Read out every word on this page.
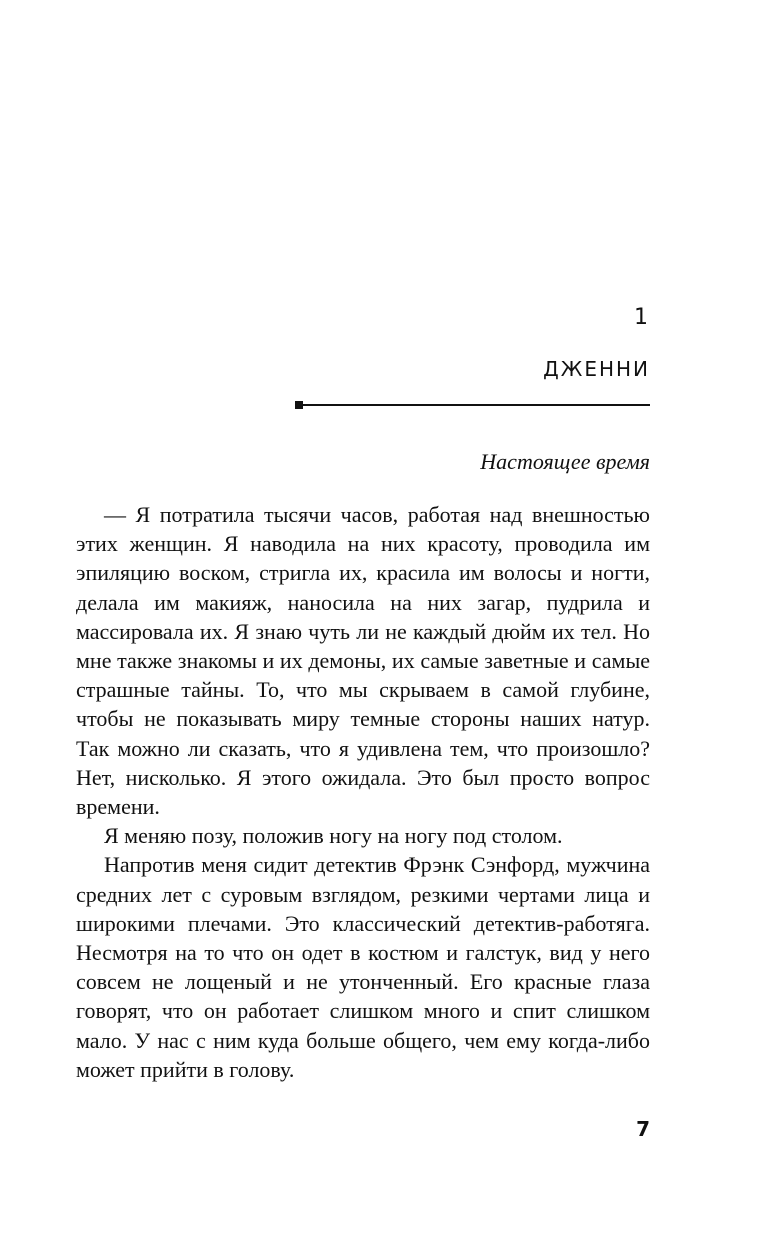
1
ДЖЕННИ
Настоящее время

— Я потратила тысячи часов, работая над внешностью этих женщин. Я наводила на них красоту, проводила им эпиляцию воском, стригла их, красила им волосы и ногти, делала им макияж, наносила на них загар, пудрила и массировала их. Я знаю чуть ли не каждый дюйм их тел. Но мне также знакомы и их демоны, их самые заветные и самые страшные тайны. То, что мы скрываем в самой глубине, чтобы не показывать миру темные стороны наших натур. Так можно ли сказать, что я удивлена тем, что произошло? Нет, нисколько. Я этого ожидала. Это был просто вопрос времени.

Я меняю позу, положив ногу на ногу под столом.

Напротив меня сидит детектив Фрэнк Сэнфорд, мужчина средних лет с суровым взглядом, резкими чертами лица и широкими плечами. Это классический детектив-работяга. Несмотря на то что он одет в костюм и галстук, вид у него совсем не лощеный и не утонченный. Его красные глаза говорят, что он работает слишком много и спит слишком мало. У нас с ним куда больше общего, чем ему когда-либо может прийти в голову.

7
